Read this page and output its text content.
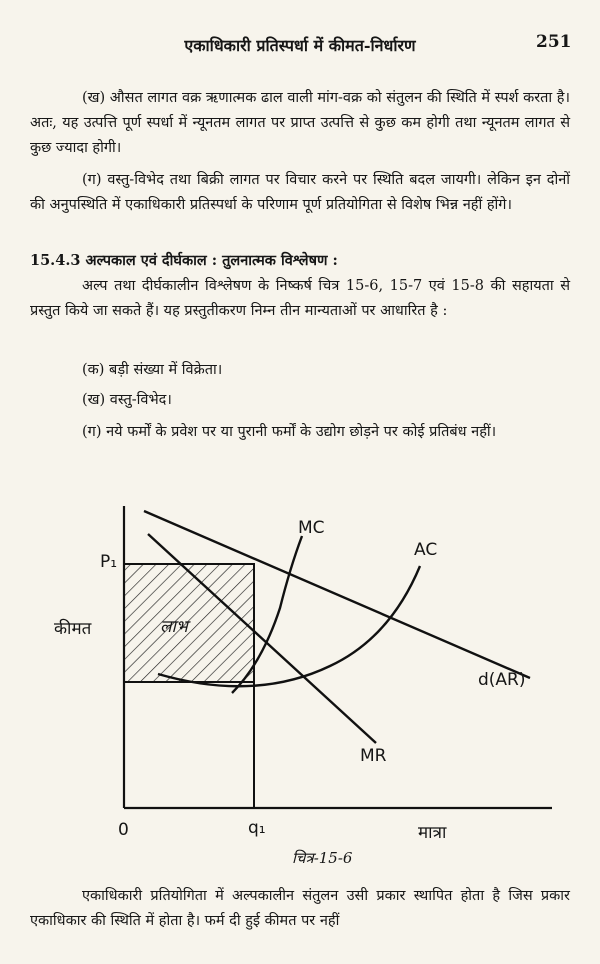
एकाधिकारी प्रतिस्पर्धा में कीमत-निर्धारण	251

(ख) औसत लागत वक्र ऋणात्मक ढाल वाली मांग-वक्र को संतुलन की स्थिति में स्पर्श करता है। अतः, यह उत्पत्ति पूर्ण स्पर्धा में न्यूनतम लागत पर प्राप्त उत्पत्ति से कुछ कम होगी तथा न्यूनतम लागत से कुछ ज्यादा होगी।

(ग) वस्तु-विभेद तथा बिक्री लागत पर विचार करने पर स्थिति बदल जायगी। लेकिन इन दोनों की अनुपस्थिति में एकाधिकारी प्रतिस्पर्धा के परिणाम पूर्ण प्रतियोगिता से विशेष भिन्न नहीं होंगे।

15.4.3 अल्पकाल एवं दीर्घकाल : तुलनात्मक विश्लेषण :

अल्प तथा दीर्घकालीन विश्लेषण के निष्कर्ष चित्र 15-6, 15-7 एवं 15-8 की सहायता से प्रस्तुत किये जा सकते हैं। यह प्रस्तुतीकरण निम्न तीन मान्यताओं पर आधारित है :

(क) बड़ी संख्या में विक्रेता।

(ख) वस्तु-विभेद।

(ग) नये फर्मों के प्रवेश पर या पुरानी फर्मों के उद्योग छोड़ने पर कोई प्रतिबंध नहीं।

MC
AC
P₁
कीमत	लाभ
d(AR)
MR
0	q₁	मात्रा
चित्र-15-6

एकाधिकारी प्रतियोगिता में अल्पकालीन संतुलन उसी प्रकार स्थापित होता है जिस प्रकार एकाधिकार की स्थिति में होता है। फर्म दी हुई कीमत पर नहीं
